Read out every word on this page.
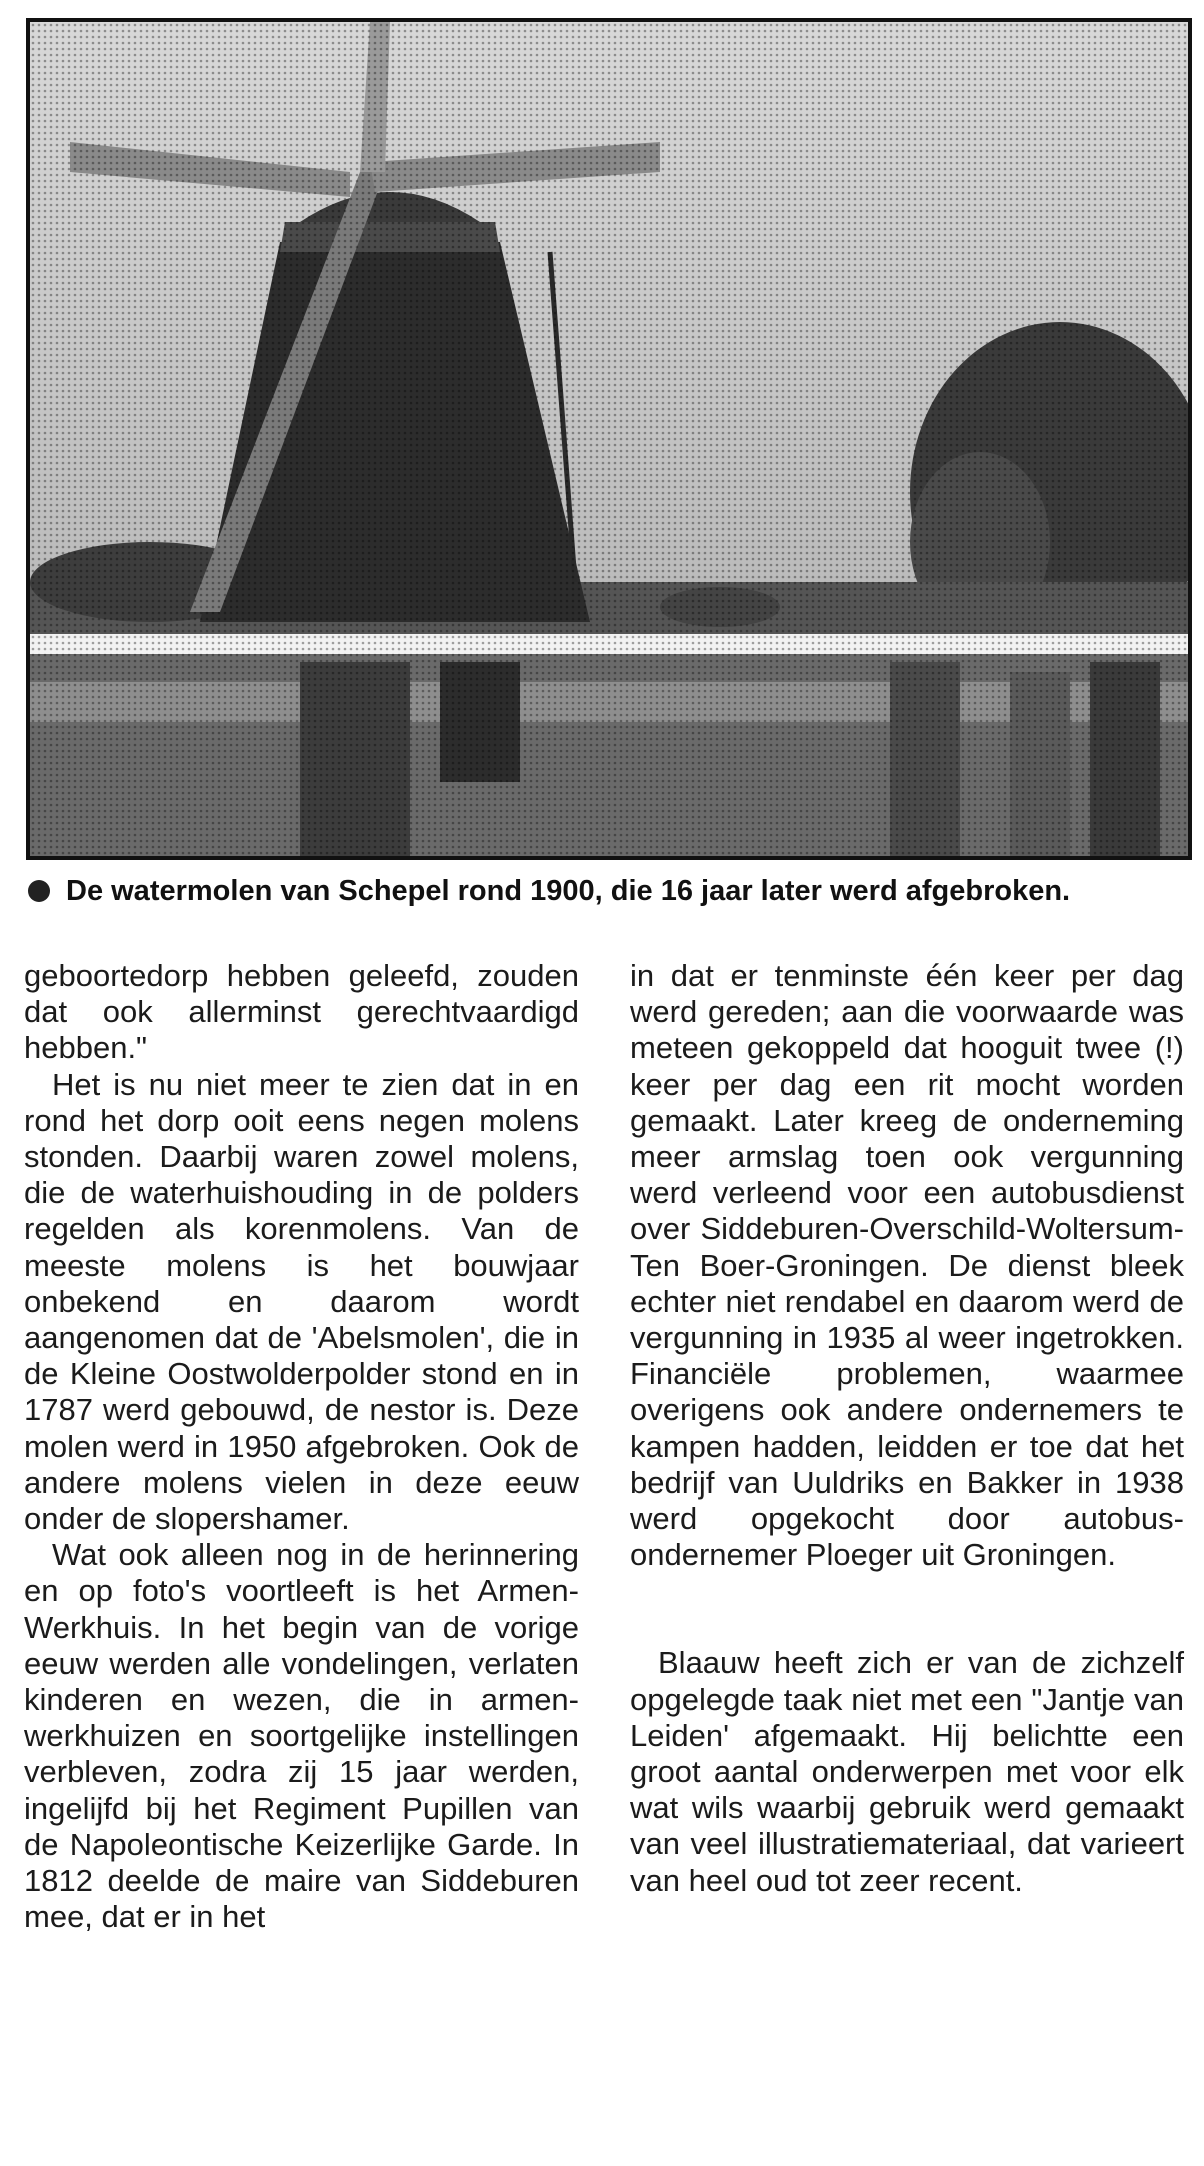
De watermolen van Schepel rond 1900, die 16 jaar later werd afgebroken.

geboortedorp hebben geleefd, zouden dat ook allerminst gerechtvaardigd hebben."

Het is nu niet meer te zien dat in en rond het dorp ooit eens negen molens stonden. Daarbij waren zowel molens, die de waterhuishouding in de polders regelden als korenmolens. Van de meeste molens is het bouwjaar onbekend en daarom wordt aangenomen dat de 'Abelsmolen', die in de Kleine Oostwolderpolder stond en in 1787 werd gebouwd, de nestor is. Deze molen werd in 1950 afgebroken. Ook de andere molens vielen in deze eeuw onder de slopershamer.

Wat ook alleen nog in de herinnering en op foto's voortleeft is het Armen-Werkhuis. In het begin van de vorige eeuw werden alle vondelingen, verlaten kinderen en wezen, die in armen-werkhuizen en soortgelijke instellingen verbleven, zodra zij 15 jaar werden, ingelijfd bij het Regiment Pupillen van de Napoleontische Keizerlijke Garde. In 1812 deelde de maire van Siddeburen mee, dat er in het

in dat er tenminste één keer per dag werd gereden; aan die voorwaarde was meteen gekoppeld dat hooguit twee (!) keer per dag een rit mocht worden gemaakt. Later kreeg de onderneming meer armslag toen ook vergunning werd verleend voor een autobusdienst over Siddeburen-Overschild-Woltersum-Ten Boer-Groningen. De dienst bleek echter niet rendabel en daarom werd de vergunning in 1935 al weer ingetrokken. Financiële problemen, waarmee overigens ook andere ondernemers te kampen hadden, leidden er toe dat het bedrijf van Uuldriks en Bakker in 1938 werd opgekocht door autobus-ondernemer Ploeger uit Groningen.

Blaauw heeft zich er van de zichzelf opgelegde taak niet met een "Jantje van Leiden' afgemaakt. Hij belichtte een groot aantal onderwerpen met voor elk wat wils waarbij gebruik werd gemaakt van veel illustratiemateriaal, dat varieert van heel oud tot zeer recent.
